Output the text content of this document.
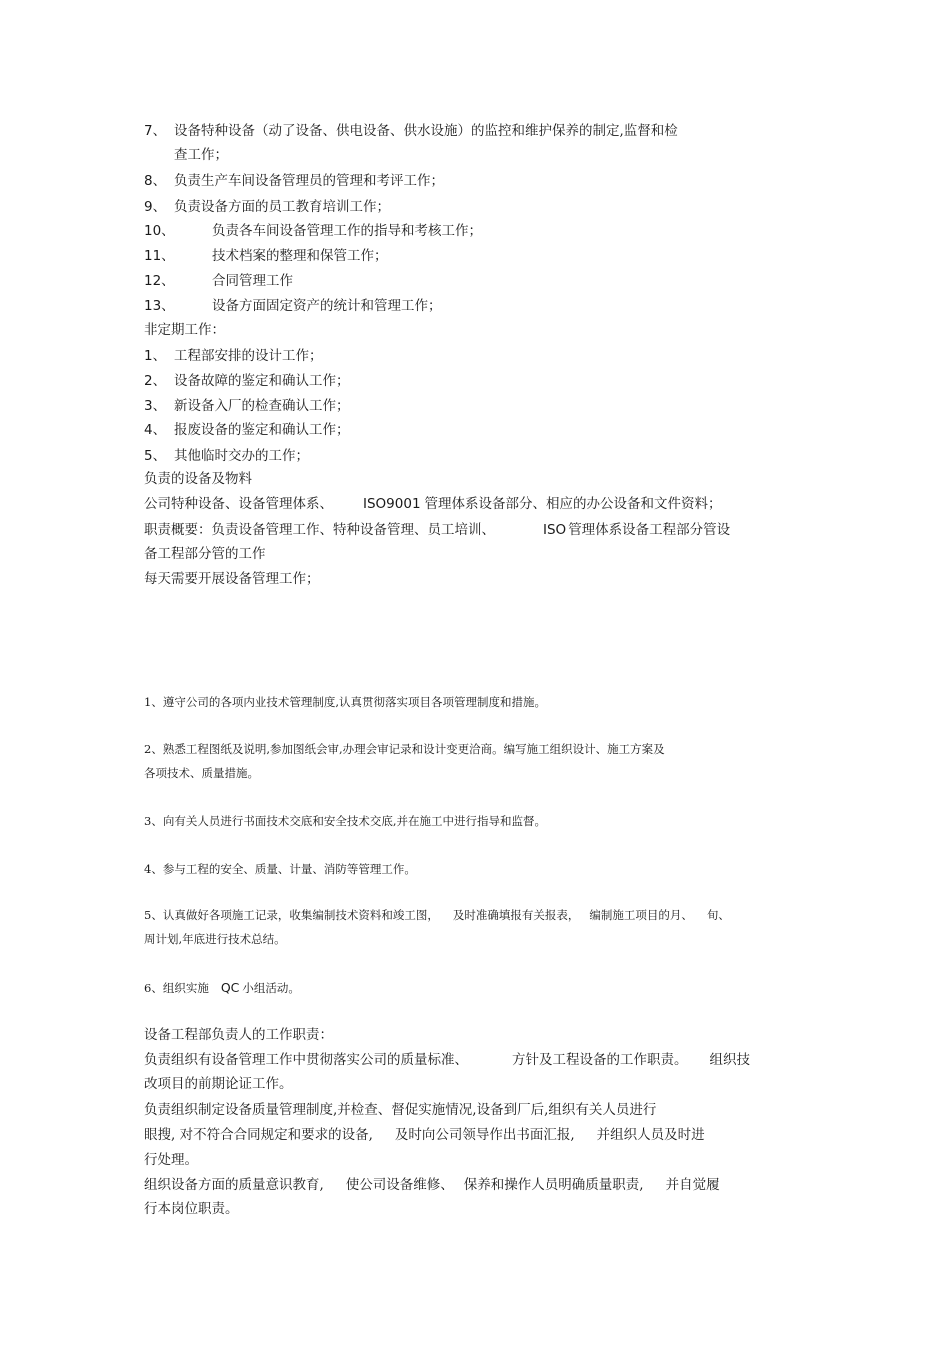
7、 设备特种设备（动了设备、供电设备、供水设施）的监控和维护保养的制定,监督和检
查工作；
8、 负责生产车间设备管理员的管理和考评工作；
9、 负责设备方面的员工教育培训工作；
10、	负责各车间设备管理工作的指导和考核工作；
11、	技术档案的整理和保管工作；
12、	合同管理工作
13、	设备方面固定资产的统计和管理工作；
非定期工作：
1、 工程部安排的设计工作；
2、 设备故障的鉴定和确认工作；
3、 新设备入厂的检查确认工作；
4、 报废设备的鉴定和确认工作；
5、 其他临时交办的工作；
负责的设备及物料
公司特种设备、设备管理体系、 ISO9001 管理体系设备部分、相应的办公设备和文件资料；
职责概要：负责设备管理工作、特种设备管理、员工培训、	ISO 管理体系设备工程部分管设
备工程部分管的工作
每天需要开展设备管理工作；
1、遵守公司的各项内业技术管理制度,认真贯彻落实项目各项管理制度和措施。
2、熟悉工程图纸及说明,参加图纸会审,办理会审记录和设计变更洽商。编写施工组织设计、施工方案及
各项技术、质量措施。
3、向有关人员进行书面技术交底和安全技术交底,并在施工中进行指导和监督。
4、参与工程的安全、质量、计量、消防等管理工作。
5、认真做好各项施工记录，收集编制技术资料和竣工图， 及时准确填报有关报表， 编制施工项目的月、 旬、
周计划,年底进行技术总结。
6、组织实施 QC 小组活动。
设备工程部负责人的工作职责：
负责组织有设备管理工作中贯彻落实公司的质量标准、	方针及工程设备的工作职责。 组织技
改项目的前期论证工作。
负责组织制定设备质量管理制度,并检查、督促实施情况,设备到厂后,组织有关人员进行
眼搜, 对不符合合同规定和要求的设备, 及时向公司领导作出书面汇报, 并组织人员及时进
行处理。
组织设备方面的质量意识教育, 使公司设备维修、 保养和操作人员明确质量职责, 并自觉履
行本岗位职责。
